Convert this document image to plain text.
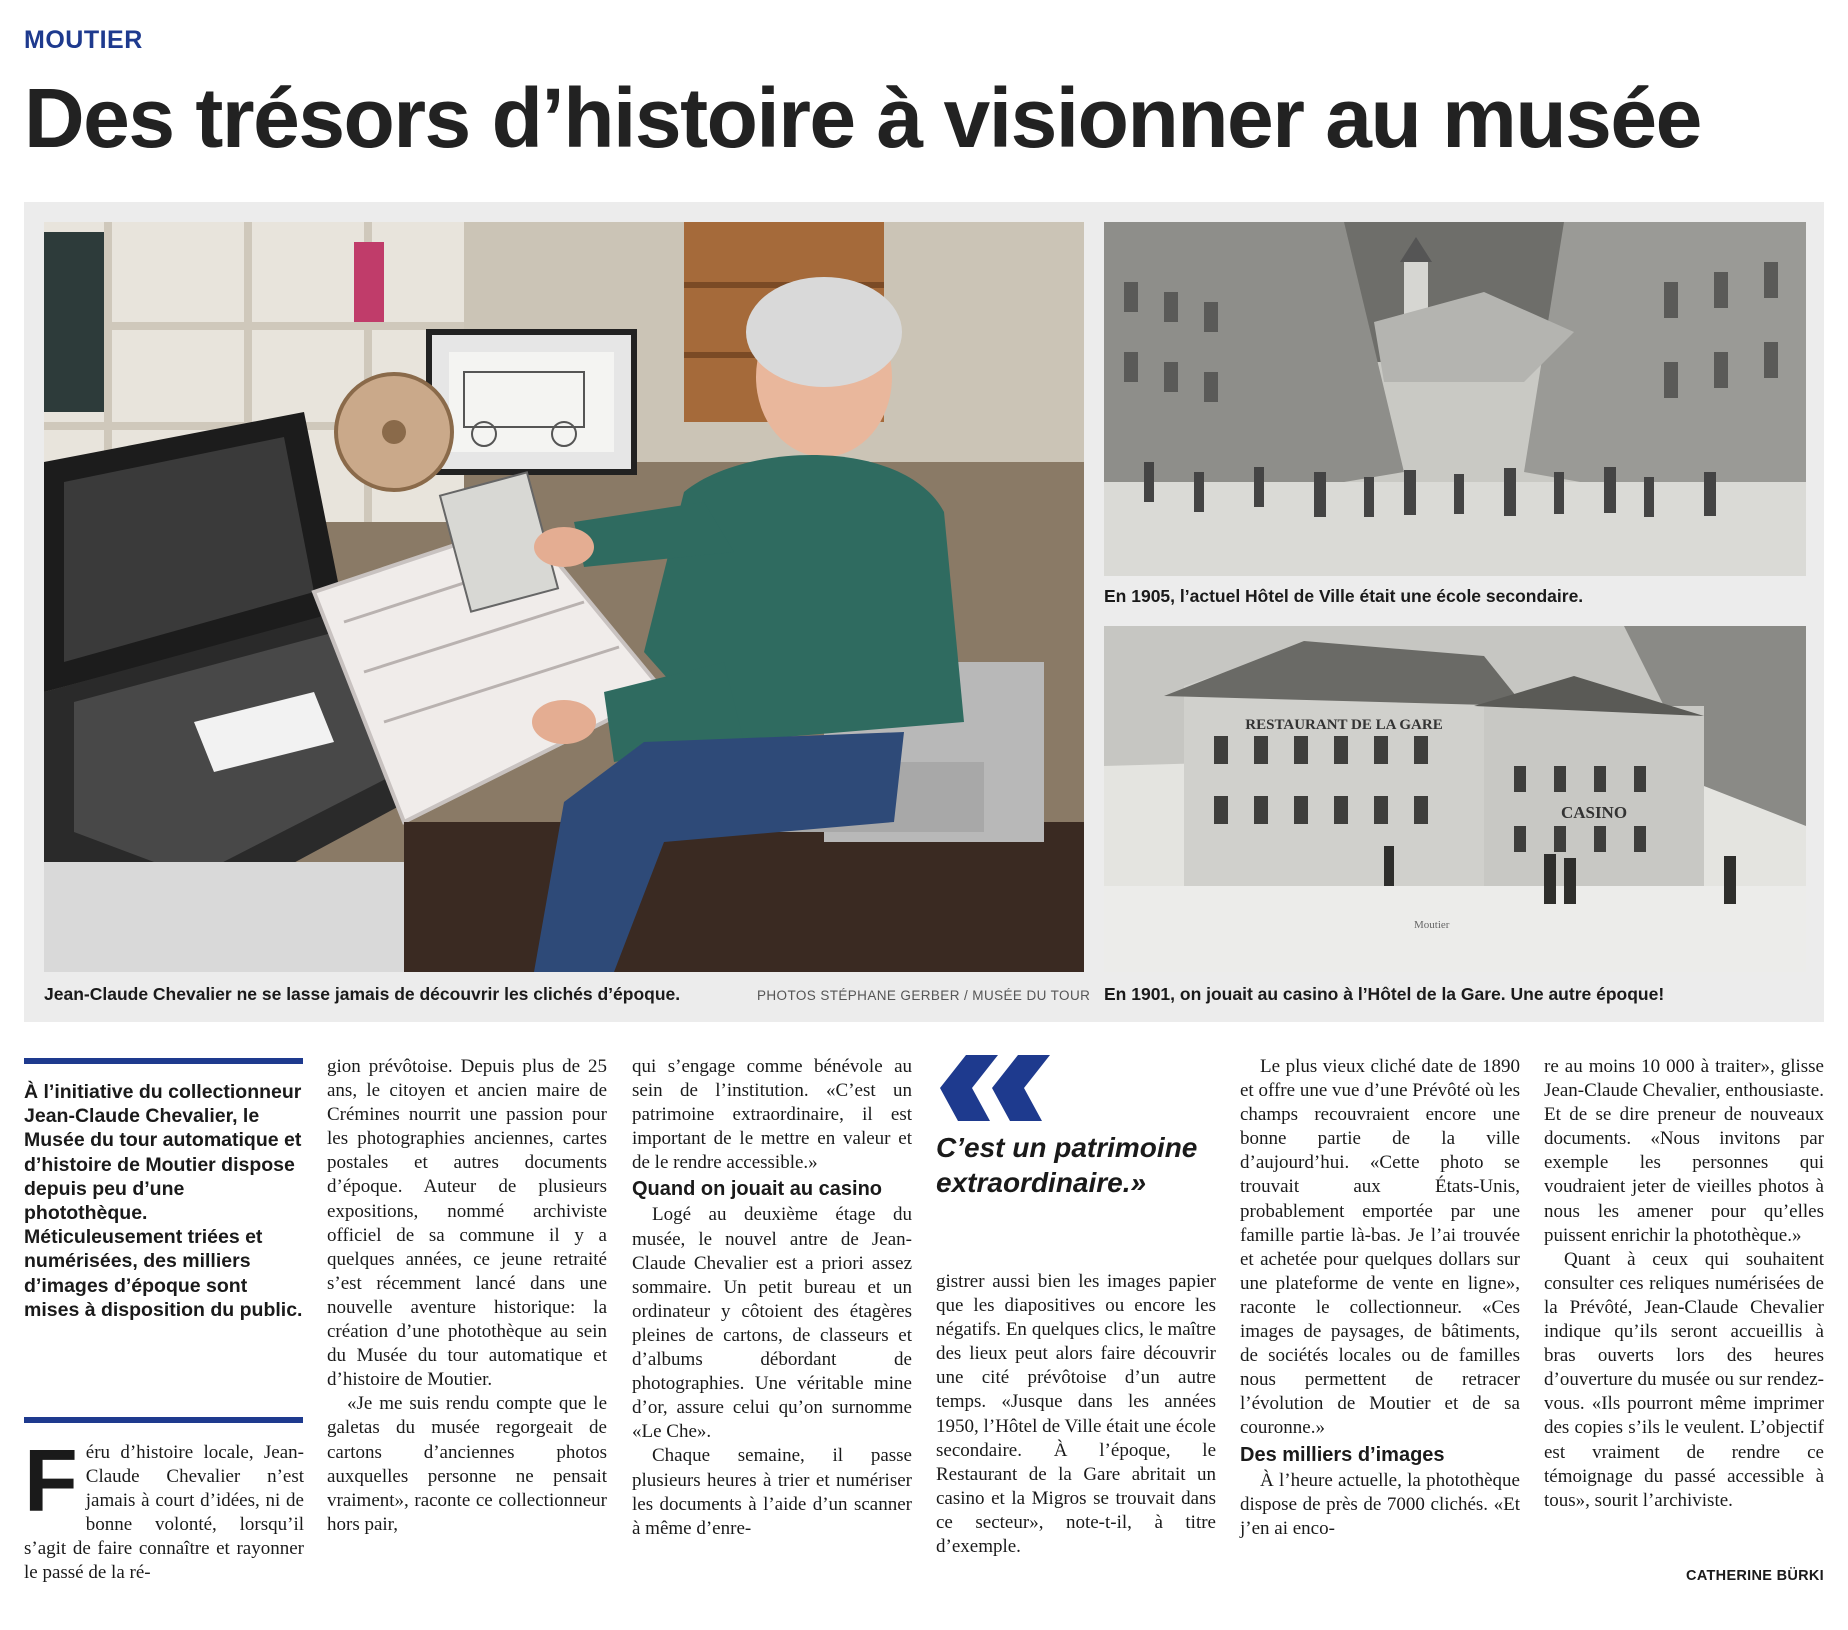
MOUTIER
Des trésors d’histoire à visionner au musée
En 1905, l’actuel Hôtel de Ville était une école secondaire.
RESTAURANT DE LA GARE
CASINO
Moutier
En 1901, on jouait au casino à l’Hôtel de la Gare. Une autre époque!
Jean-Claude Chevalier ne se lasse jamais de découvrir les clichés d’époque.	PHOTOS STÉPHANE GERBER / MUSÉE DU TOUR
À l’initiative du collectionneur Jean-Claude Chevalier, le Musée du tour automatique et d’histoire de Moutier dispose depuis peu d’une photothèque. Méticuleusement triées et numérisées, des milliers d’images d’époque sont mises à disposition du public.
F éru d’histoire locale, Jean-Claude Chevalier n’est jamais à court d’idées, ni de bonne volonté, lorsqu’il s’agit de faire connaître et rayonner le passé de la ré-

gion prévôtoise. Depuis plus de 25 ans, le citoyen et ancien maire de Crémines nourrit une passion pour les photographies anciennes, cartes postales et autres documents d’époque. Auteur de plusieurs expositions, nommé archiviste officiel de sa commune il y a quelques années, ce jeune retraité s’est récemment lancé dans une nouvelle aventure historique: la création d’une photothèque au sein du Musée du tour automatique et d’histoire de Moutier.

«Je me suis rendu compte que le galetas du musée regorgeait de cartons d’anciennes photos auxquelles personne ne pensait vraiment», raconte ce collectionneur hors pair,

qui s’engage comme bénévole au sein de l’institution. «C’est un patrimoine extraordinaire, il est important de le mettre en valeur et de le rendre accessible.»

Quand on jouait au casino

Logé au deuxième étage du musée, le nouvel antre de Jean-Claude Chevalier est a priori assez sommaire. Un petit bureau et un ordinateur y côtoient des étagères pleines de cartons, de classeurs et d’albums débordant de photographies. Une véritable mine d’or, assure celui qu’on surnomme «Le Che».

Chaque semaine, il passe plusieurs heures à trier et numériser les documents à l’aide d’un scanner à même d’enre-

C’est un patrimoine extraordinaire.»

gistrer aussi bien les images papier que les diapositives ou encore les négatifs. En quelques clics, le maître des lieux peut alors faire découvrir une cité prévôtoise d’un autre temps. «Jusque dans les années 1950, l’Hôtel de Ville était une école secondaire. À l’époque, le Restaurant de la Gare abritait un casino et la Migros se trouvait dans ce secteur», note-t-il, à titre d’exemple.

Le plus vieux cliché date de 1890 et offre une vue d’une Prévôté où les champs recouvraient encore une bonne partie de la ville d’aujourd’hui. «Cette photo se trouvait aux États-Unis, probablement emportée par une famille partie là-bas. Je l’ai trouvée et achetée pour quelques dollars sur une plateforme de vente en ligne», raconte le collectionneur. «Ces images de paysages, de bâtiments, de sociétés locales ou de familles nous permettent de retracer l’évolution de Moutier et de sa couronne.»

Des milliers d’images

À l’heure actuelle, la photothèque dispose de près de 7000 clichés. «Et j’en ai enco-

re au moins 10 000 à traiter», glisse Jean-Claude Chevalier, enthousiaste. Et de se dire preneur de nouveaux documents. «Nous invitons par exemple les personnes qui voudraient jeter de vieilles photos à nous les amener pour qu’elles puissent enrichir la photothèque.»

Quant à ceux qui souhaitent consulter ces reliques numérisées de la Prévôté, Jean-Claude Chevalier indique qu’ils seront accueillis à bras ouverts lors des heures d’ouverture du musée ou sur rendez-vous. «Ils pourront même imprimer des copies s’ils le veulent. L’objectif est vraiment de rendre ce témoignage du passé accessible à tous», sourit l’archiviste.

CATHERINE BÜRKI
